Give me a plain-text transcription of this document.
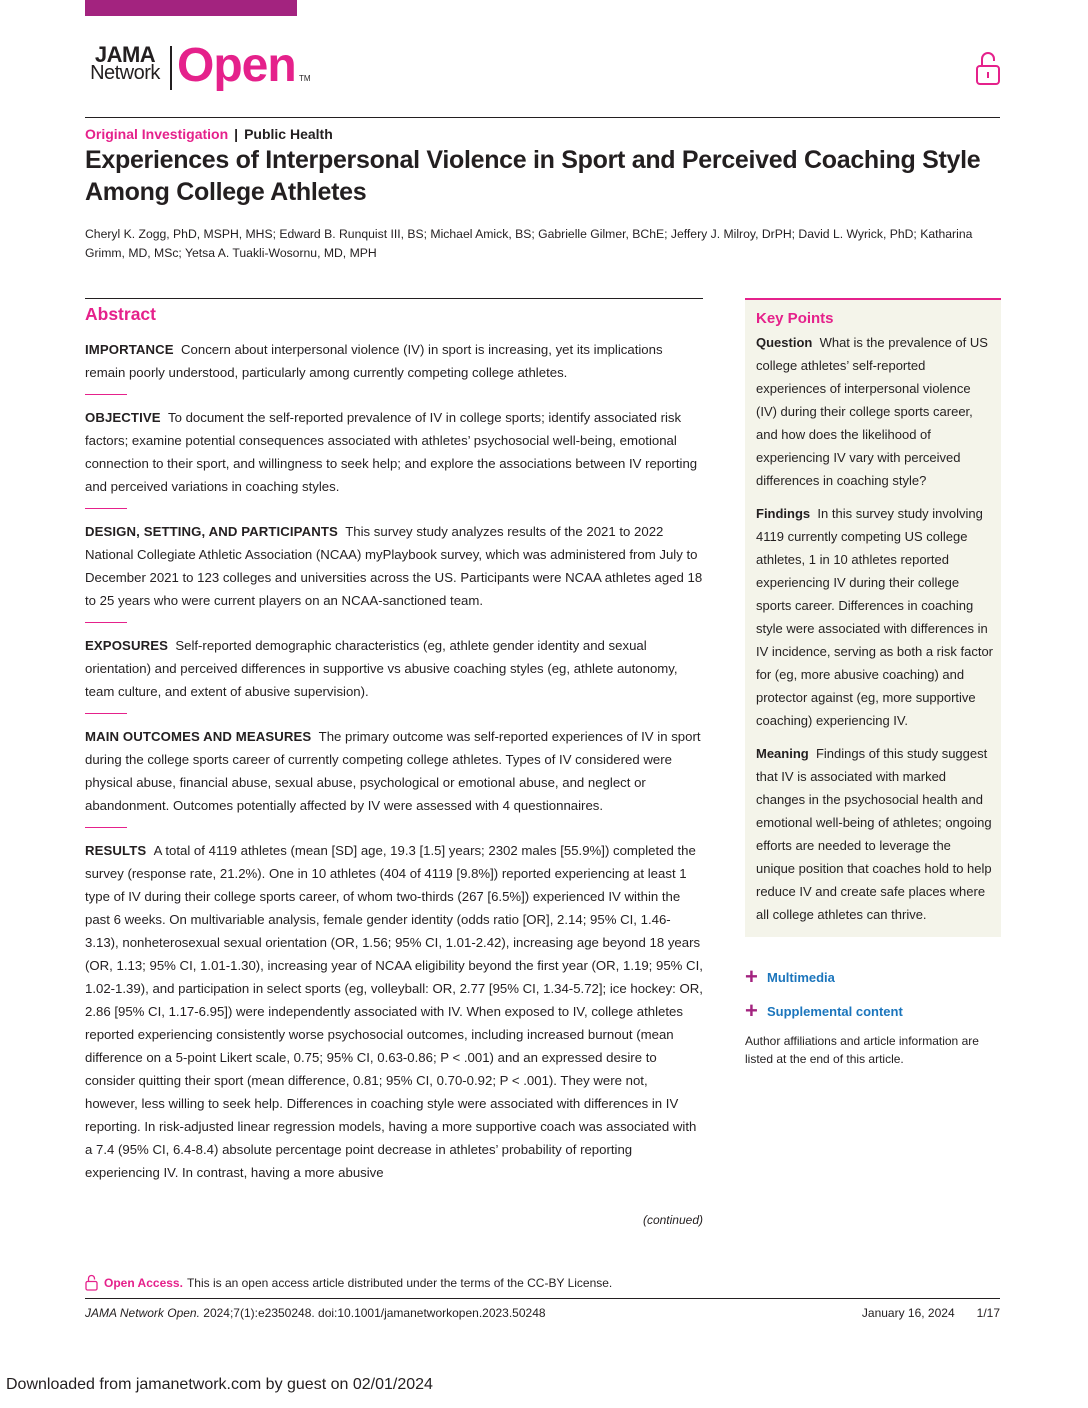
JAMA
Network Open TM
Original Investigation | Public Health
Experiences of Interpersonal Violence in Sport and Perceived Coaching Style Among College Athletes
Cheryl K. Zogg, PhD, MSPH, MHS; Edward B. Runquist III, BS; Michael Amick, BS; Gabrielle Gilmer, BChE; Jeffery J. Milroy, DrPH; David L. Wyrick, PhD; Katharina Grimm, MD, MSc; Yetsa A. Tuakli-Wosornu, MD, MPH
Abstract
IMPORTANCE Concern about interpersonal violence (IV) in sport is increasing, yet its implications remain poorly understood, particularly among currently competing college athletes.
OBJECTIVE To document the self-reported prevalence of IV in college sports; identify associated risk factors; examine potential consequences associated with athletes’ psychosocial well-being, emotional connection to their sport, and willingness to seek help; and explore the associations between IV reporting and perceived variations in coaching styles.
DESIGN, SETTING, AND PARTICIPANTS This survey study analyzes results of the 2021 to 2022 National Collegiate Athletic Association (NCAA) myPlaybook survey, which was administered from July to December 2021 to 123 colleges and universities across the US. Participants were NCAA athletes aged 18 to 25 years who were current players on an NCAA-sanctioned team.
EXPOSURES Self-reported demographic characteristics (eg, athlete gender identity and sexual orientation) and perceived differences in supportive vs abusive coaching styles (eg, athlete autonomy, team culture, and extent of abusive supervision).
MAIN OUTCOMES AND MEASURES The primary outcome was self-reported experiences of IV in sport during the college sports career of currently competing college athletes. Types of IV considered were physical abuse, financial abuse, sexual abuse, psychological or emotional abuse, and neglect or abandonment. Outcomes potentially affected by IV were assessed with 4 questionnaires.
RESULTS A total of 4119 athletes (mean [SD] age, 19.3 [1.5] years; 2302 males [55.9%]) completed the survey (response rate, 21.2%). One in 10 athletes (404 of 4119 [9.8%]) reported experiencing at least 1 type of IV during their college sports career, of whom two-thirds (267 [6.5%]) experienced IV within the past 6 weeks. On multivariable analysis, female gender identity (odds ratio [OR], 2.14; 95% CI, 1.46-3.13), nonheterosexual sexual orientation (OR, 1.56; 95% CI, 1.01-2.42), increasing age beyond 18 years (OR, 1.13; 95% CI, 1.01-1.30), increasing year of NCAA eligibility beyond the first year (OR, 1.19; 95% CI, 1.02-1.39), and participation in select sports (eg, volleyball: OR, 2.77 [95% CI, 1.34-5.72]; ice hockey: OR, 2.86 [95% CI, 1.17-6.95]) were independently associated with IV. When exposed to IV, college athletes reported experiencing consistently worse psychosocial outcomes, including increased burnout (mean difference on a 5-point Likert scale, 0.75; 95% CI, 0.63-0.86; P < .001) and an expressed desire to consider quitting their sport (mean difference, 0.81; 95% CI, 0.70-0.92; P < .001). They were not, however, less willing to seek help. Differences in coaching style were associated with differences in IV reporting. In risk-adjusted linear regression models, having a more supportive coach was associated with a 7.4 (95% CI, 6.4-8.4) absolute percentage point decrease in athletes’ probability of reporting experiencing IV. In contrast, having a more abusive
(continued)
Key Points
Question What is the prevalence of US college athletes’ self-reported experiences of interpersonal violence (IV) during their college sports career, and how does the likelihood of experiencing IV vary with perceived differences in coaching style?
Findings In this survey study involving 4119 currently competing US college athletes, 1 in 10 athletes reported experiencing IV during their college sports career. Differences in coaching style were associated with differences in IV incidence, serving as both a risk factor for (eg, more abusive coaching) and protector against (eg, more supportive coaching) experiencing IV.
Meaning Findings of this study suggest that IV is associated with marked changes in the psychosocial health and emotional well-being of athletes; ongoing efforts are needed to leverage the unique position that coaches hold to help reduce IV and create safe places where all college athletes can thrive.
+ Multimedia
+ Supplemental content
Author affiliations and article information are listed at the end of this article.
Open Access. This is an open access article distributed under the terms of the CC-BY License.
JAMA Network Open. 2024;7(1):e2350248. doi:10.1001/jamanetworkopen.2023.50248	January 16, 2024 1/17
Downloaded from jamanetwork.com by guest on 02/01/2024
